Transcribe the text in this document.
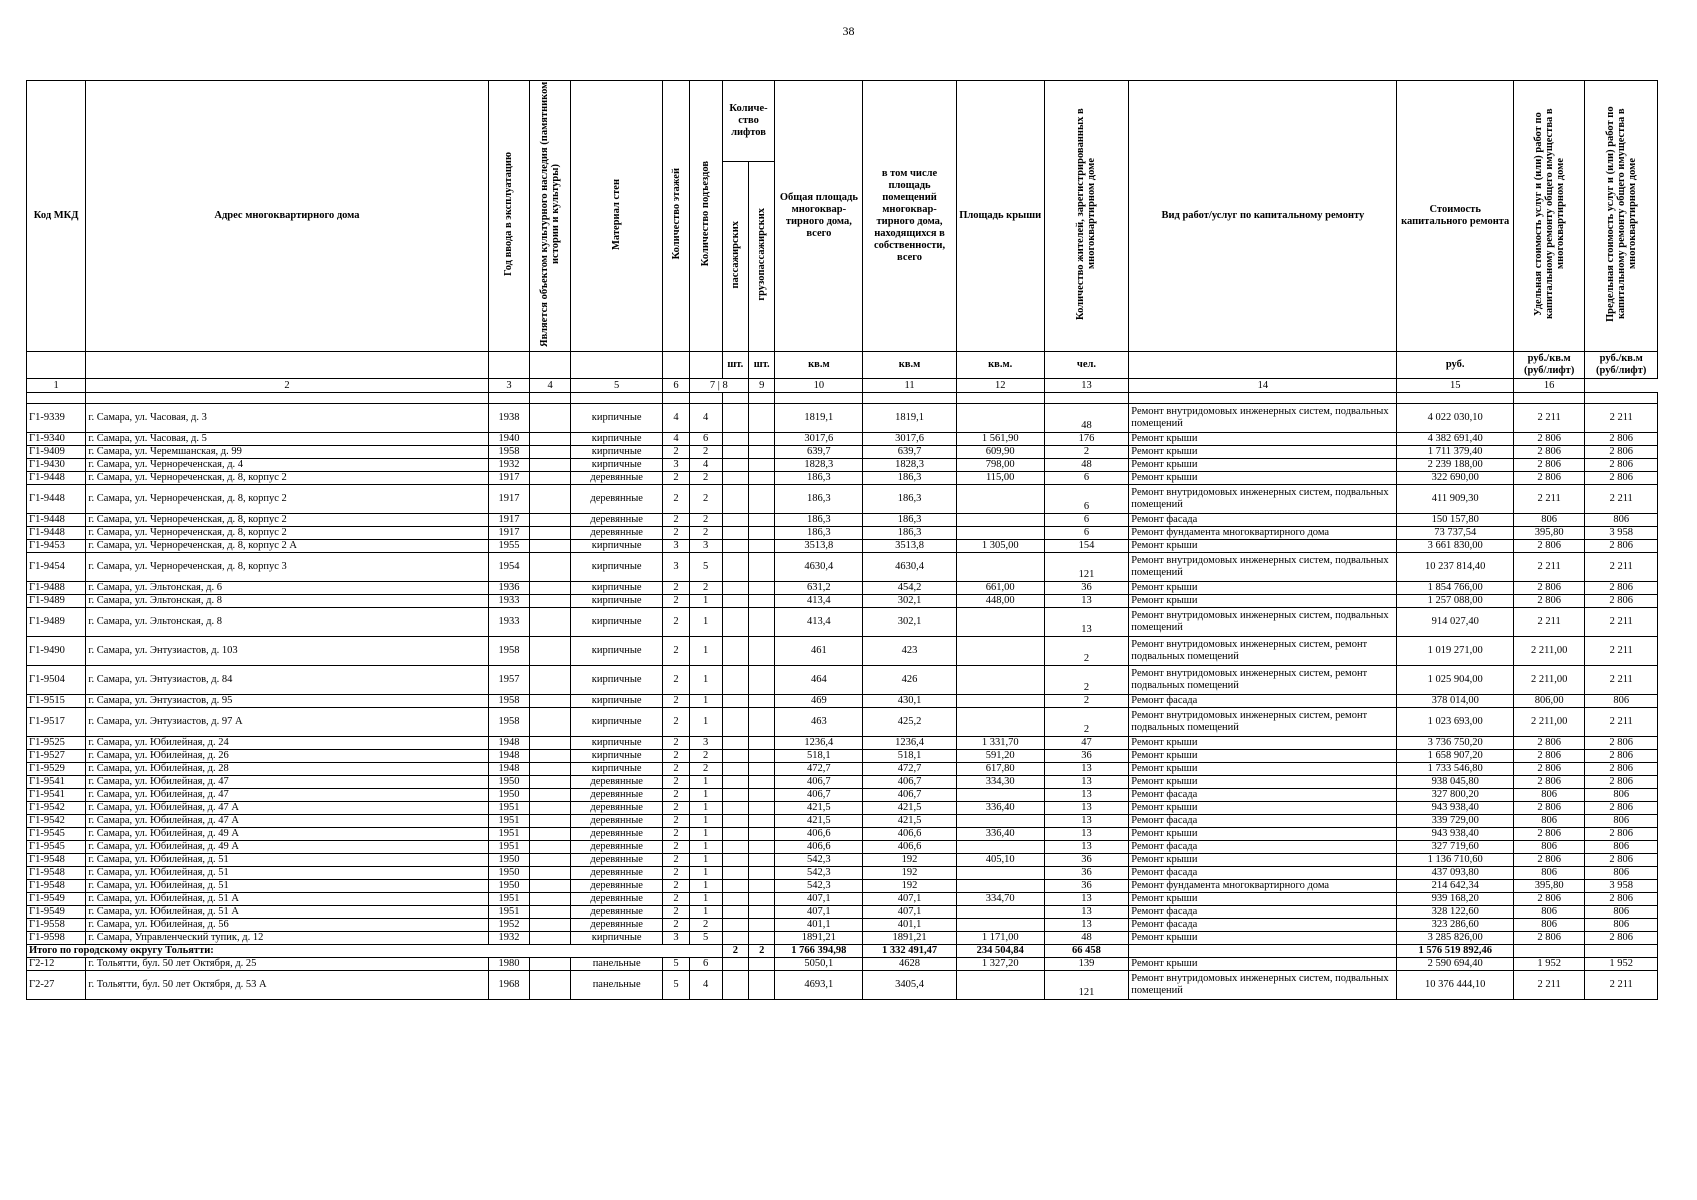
38
Код МКД	Адрес многоквартирного дома	Год ввода в эксплуатацию	Является объектом культурного наследия (памятником истории и культуры)	Материал стен	Количество этажей	Количество подъездов	Количе-ство лифтов		Общая площадь многоквар-тирного дома, всего	в том числе площадь помещений многоквар-тирного дома, находящихся в собственности, всего	Площадь крыши	Количество жителей, зарегистрированных в многоквартирном доме	Вид работ/услуг по капитальному ремонту	Стоимость капитального ремонта	Удельная стоимость услуг и (или) работ по капитальному ремонту общего имущества в многоквартирном доме	Предельная стоимость услуг и (или) работ по капитальному ремонту общего имущества в многоквартирном доме
							пассажирских	грузопассажирских								
							шт.	шт.	кв.м	кв.м	кв.м.	чел.		руб.	руб./кв.м (руб/лифт)	руб./кв.м (руб/лифт)
1	2	3	4	5	6	7 | 8		9	10	11	12	13	14	15	16	

Г1-9339	г. Самара, ул. Часовая, д. 3	1938		кирпичные	4	4			1819,1	1819,1		48	Ремонт внутридомовых инженерных систем, подвальных помещений	4 022 030,10	2 211	2 211
Г1-9340	г. Самара, ул. Часовая, д. 5	1940		кирпичные	4	6			3017,6	3017,6	1 561,90	176	Ремонт крыши	4 382 691,40	2 806	2 806
Г1-9409	г. Самара, ул. Черемшанская, д. 99	1958		кирпичные	2	2			639,7	639,7	609,90	2	Ремонт крыши	1 711 379,40	2 806	2 806
Г1-9430	г. Самара, ул. Чернореченская, д. 4	1932		кирпичные	3	4			1828,3	1828,3	798,00	48	Ремонт крыши	2 239 188,00	2 806	2 806
Г1-9448	г. Самара, ул. Чернореченская, д. 8, корпус 2	1917		деревянные	2	2			186,3	186,3	115,00	6	Ремонт крыши	322 690,00	2 806	2 806
Г1-9448	г. Самара, ул. Чернореченская, д. 8, корпус 2	1917		деревянные	2	2			186,3	186,3		6	Ремонт внутридомовых инженерных систем, подвальных помещений	411 909,30	2 211	2 211
Г1-9448	г. Самара, ул. Чернореченская, д. 8, корпус 2	1917		деревянные	2	2			186,3	186,3		6	Ремонт фасада	150 157,80	806	806
Г1-9448	г. Самара, ул. Чернореченская, д. 8, корпус 2	1917		деревянные	2	2			186,3	186,3		6	Ремонт фундамента многоквартирного дома	73 737,54	395,80	3 958
Г1-9453	г. Самара, ул. Чернореченская, д. 8, корпус 2 А	1955		кирпичные	3	3			3513,8	3513,8	1 305,00	154	Ремонт крыши	3 661 830,00	2 806	2 806
Г1-9454	г. Самара, ул. Чернореченская, д. 8, корпус 3	1954		кирпичные	3	5			4630,4	4630,4		121	Ремонт внутридомовых инженерных систем, подвальных помещений	10 237 814,40	2 211	2 211
Г1-9488	г. Самара, ул. Эльтонская, д. 6	1936		кирпичные	2	2			631,2	454,2	661,00	36	Ремонт крыши	1 854 766,00	2 806	2 806
Г1-9489	г. Самара, ул. Эльтонская, д. 8	1933		кирпичные	2	1			413,4	302,1	448,00	13	Ремонт крыши	1 257 088,00	2 806	2 806
Г1-9489	г. Самара, ул. Эльтонская, д. 8	1933		кирпичные	2	1			413,4	302,1		13	Ремонт внутридомовых инженерных систем, подвальных помещений	914 027,40	2 211	2 211
Г1-9490	г. Самара, ул. Энтузиастов, д. 103	1958		кирпичные	2	1			461	423		2	Ремонт внутридомовых инженерных систем, ремонт подвальных помещений	1 019 271,00	2 211,00	2 211
Г1-9504	г. Самара, ул. Энтузиастов, д. 84	1957		кирпичные	2	1			464	426		2	Ремонт внутридомовых инженерных систем, ремонт подвальных помещений	1 025 904,00	2 211,00	2 211
Г1-9515	г. Самара, ул. Энтузиастов, д. 95	1958		кирпичные	2	1			469	430,1		2	Ремонт фасада	378 014,00	806,00	806
Г1-9517	г. Самара, ул. Энтузиастов, д. 97 А	1958		кирпичные	2	1			463	425,2		2	Ремонт внутридомовых инженерных систем, ремонт подвальных помещений	1 023 693,00	2 211,00	2 211
Г1-9525	г. Самара, ул. Юбилейная, д. 24	1948		кирпичные	2	3			1236,4	1236,4	1 331,70	47	Ремонт крыши	3 736 750,20	2 806	2 806
Г1-9527	г. Самара, ул. Юбилейная, д. 26	1948		кирпичные	2	2			518,1	518,1	591,20	36	Ремонт крыши	1 658 907,20	2 806	2 806
Г1-9529	г. Самара, ул. Юбилейная, д. 28	1948		кирпичные	2	2			472,7	472,7	617,80	13	Ремонт крыши	1 733 546,80	2 806	2 806
Г1-9541	г. Самара, ул. Юбилейная, д. 47	1950		деревянные	2	1			406,7	406,7	334,30	13	Ремонт крыши	938 045,80	2 806	2 806
Г1-9541	г. Самара, ул. Юбилейная, д. 47	1950		деревянные	2	1			406,7	406,7		13	Ремонт фасада	327 800,20	806	806
Г1-9542	г. Самара, ул. Юбилейная, д. 47 А	1951		деревянные	2	1			421,5	421,5	336,40	13	Ремонт крыши	943 938,40	2 806	2 806
Г1-9542	г. Самара, ул. Юбилейная, д. 47 А	1951		деревянные	2	1			421,5	421,5		13	Ремонт фасада	339 729,00	806	806
Г1-9545	г. Самара, ул. Юбилейная, д. 49 А	1951		деревянные	2	1			406,6	406,6	336,40	13	Ремонт крыши	943 938,40	2 806	2 806
Г1-9545	г. Самара, ул. Юбилейная, д. 49 А	1951		деревянные	2	1			406,6	406,6		13	Ремонт фасада	327 719,60	806	806
Г1-9548	г. Самара, ул. Юбилейная, д. 51	1950		деревянные	2	1			542,3	192	405,10	36	Ремонт крыши	1 136 710,60	2 806	2 806
Г1-9548	г. Самара, ул. Юбилейная, д. 51	1950		деревянные	2	1			542,3	192		36	Ремонт фасада	437 093,80	806	806
Г1-9548	г. Самара, ул. Юбилейная, д. 51	1950		деревянные	2	1			542,3	192		36	Ремонт фундамента многоквартирного дома	214 642,34	395,80	3 958
Г1-9549	г. Самара, ул. Юбилейная, д. 51 А	1951		деревянные	2	1			407,1	407,1	334,70	13	Ремонт крыши	939 168,20	2 806	2 806
Г1-9549	г. Самара, ул. Юбилейная, д. 51 А	1951		деревянные	2	1			407,1	407,1		13	Ремонт фасада	328 122,60	806	806
Г1-9558	г. Самара, ул. Юбилейная, д. 56	1952		деревянные	2	2			401,1	401,1		13	Ремонт фасада	323 286,60	806	806
Г1-9598	г. Самара, Управленческий тупик, д. 12	1932		кирпичные	3	5			1891,21	1891,21	1 171,00	48	Ремонт крыши	3 285 826,00	2 806	2 806
Итого по городскому округу Тольятти:							2	2	1 766 394,98	1 332 491,47	234 504,84	66 458		1 576 519 892,46		
Г2-12	г. Тольятти, бул. 50 лет Октября, д. 25	1980		панельные	5	6			5050,1	4628	1 327,20	139	Ремонт крыши	2 590 694,40	1 952	1 952
Г2-27	г. Тольятти, бул. 50 лет Октября, д. 53 А	1968		панельные	5	4			4693,1	3405,4		121	Ремонт внутридомовых инженерных систем, подвальных помещений	10 376 444,10	2 211	2 211
